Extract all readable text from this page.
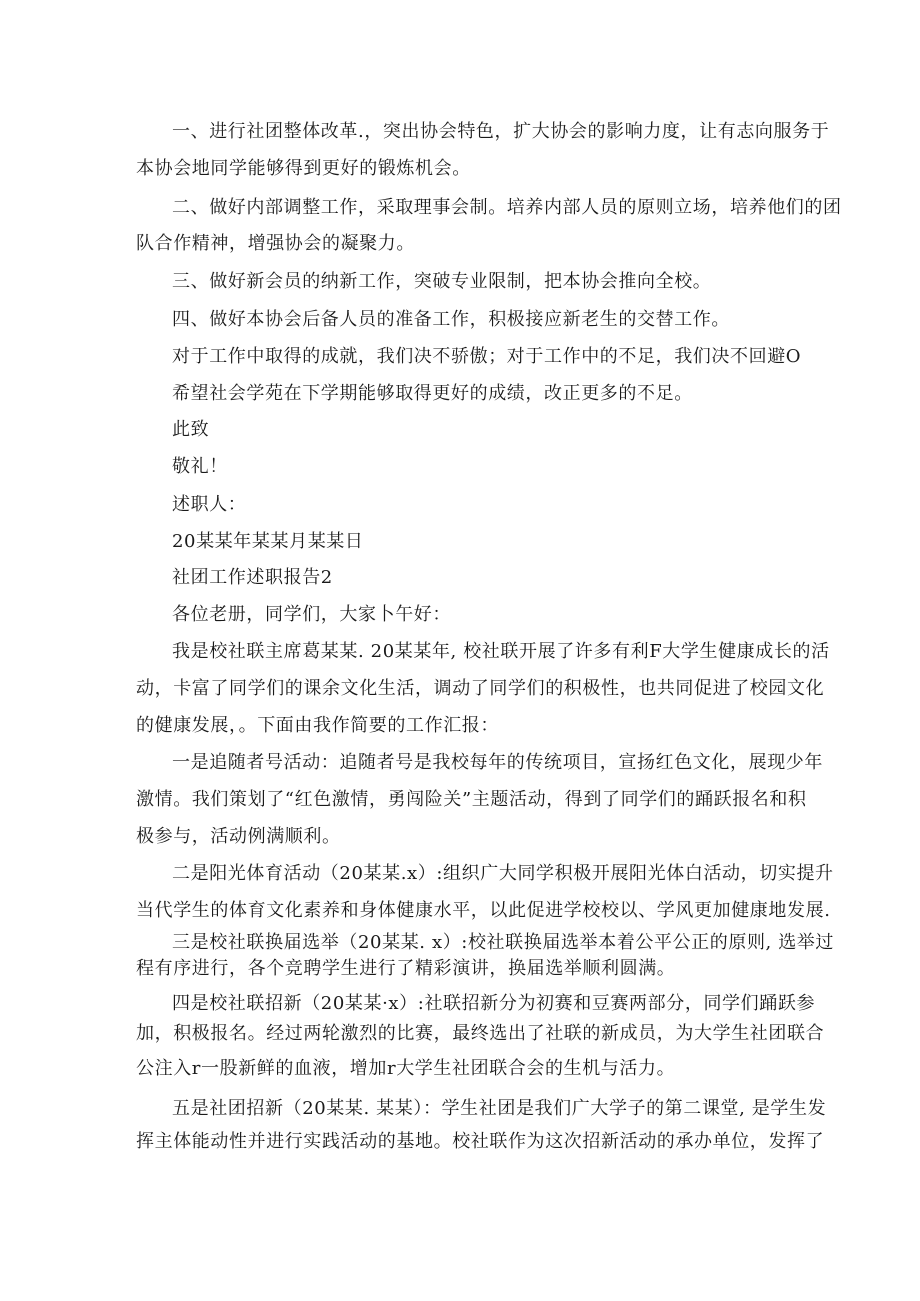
一、进行社团整体改革.，突出协会特色，扩大协会的影响力度，让有志向服务于
本协会地同学能够得到更好的锻炼机会。
二、做好内部调整工作，采取理事会制。培养内部人员的原则立场，培养他们的团
队合作精神，增强协会的凝聚力。
三、做好新会员的纳新工作，突破专业限制，把本协会推向全校。
四、做好本协会后备人员的准备工作，积极接应新老生的交替工作。
对于工作中取得的成就，我们决不骄傲；对于工作中的不足，我们决不回避O
希望社会学苑在下学期能够取得更好的成绩，改正更多的不足。
此致
敬礼！
述职人：
20某某年某某月某某日
社团工作述职报告2
各位老册，同学们，大家卜午好：
我是校社联主席葛某某. 20某某年, 校社联开展了许多有利F大学生健康成长的活
动，卡富了同学们的课余文化生活，调动了同学们的积极性，也共同促进了校园文化
的健康发展，。下面由我作简要的工作汇报：
一是追随者号活动：追随者号是我校每年的传统项目，宣扬红色文化，展现少年
激情。我们策划了“红色激情，勇闯险关”主题活动，得到了同学们的踊跃报名和积
极参与，活动例满顺利。
二是阳光体育活动（20某某.x）:组织广大同学积极开展阳光体白活动，切实提升
当代学生的体育文化素养和身体健康水平，以此促进学校校以、学风更加健康地发展.
三是校社联换届选举（20某某. x）:校社联换届选举本着公平公正的原则, 选举过
程有序进行，各个竞聘学生进行了精彩演讲，换届选举顺利圆满。
四是校社联招新（20某某·x）:社联招新分为初赛和豆赛两部分，同学们踊跃参
加，积极报名。经过两轮激烈的比赛，最终选出了社联的新成员，为大学生社团联合
公注入r一股新鲜的血液，增加r大学生社团联合会的生机与活力。
五是社团招新（20某某. 某某）：学生社团是我们广大学子的第二课堂, 是学生发
挥主体能动性并进行实践活动的基地。校社联作为这次招新活动的承办单位，发挥了
